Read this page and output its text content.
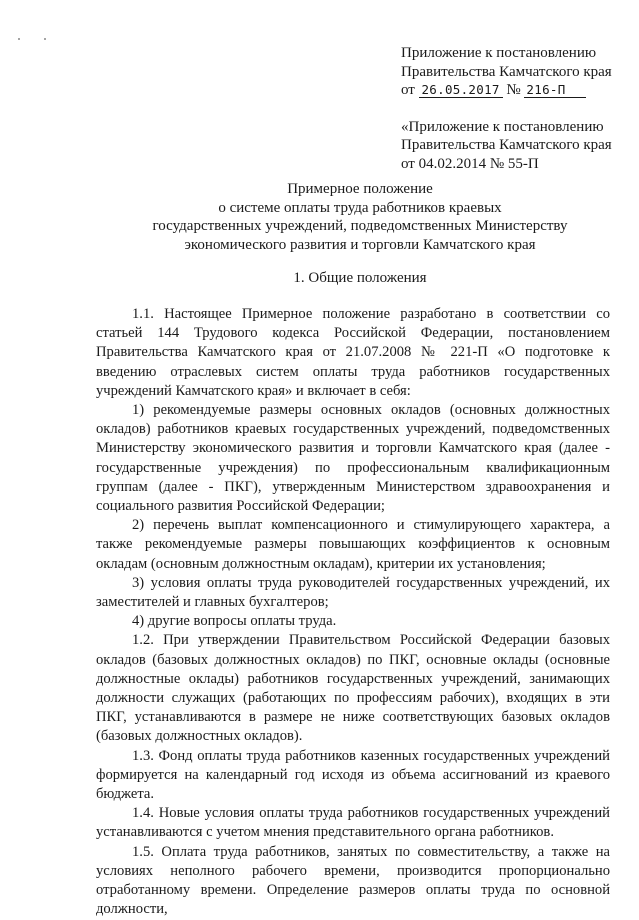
Приложение к постановлению
Правительства Камчатского края
от 26.05.2017 № 216-П
«Приложение к постановлению
Правительства Камчатского края
от 04.02.2014 № 55-П
Примерное положение
о системе оплаты труда работников краевых
государственных учреждений, подведомственных Министерству
экономического развития и торговли Камчатского края
1. Общие положения

1.1. Настоящее Примерное положение разработано в соответствии со статьей 144 Трудового кодекса Российской Федерации, постановлением Правительства Камчатского края от 21.07.2008 № 221-П «О подготовке к введению отраслевых систем оплаты труда работников государственных учреждений Камчатского края» и включает в себя:

1) рекомендуемые размеры основных окладов (основных должностных окладов) работников краевых государственных учреждений, подведомственных Министерству экономического развития и торговли Камчатского края (далее - государственные учреждения) по профессиональным квалификационным группам (далее - ПКГ), утвержденным Министерством здравоохранения и социального развития Российской Федерации;

2) перечень выплат компенсационного и стимулирующего характера, а также рекомендуемые размеры повышающих коэффициентов к основным окладам (основным должностным окладам), критерии их установления;

3) условия оплаты труда руководителей государственных учреждений, их заместителей и главных бухгалтеров;

4) другие вопросы оплаты труда.

1.2. При утверждении Правительством Российской Федерации базовых окладов (базовых должностных окладов) по ПКГ, основные оклады (основные должностные оклады) работников государственных учреждений, занимающих должности служащих (работающих по профессиям рабочих), входящих в эти ПКГ, устанавливаются в размере не ниже соответствующих базовых окладов (базовых должностных окладов).

1.3. Фонд оплаты труда работников казенных государственных учреждений формируется на календарный год исходя из объема ассигнований из краевого бюджета.

1.4. Новые условия оплаты труда работников государственных учреждений устанавливаются с учетом мнения представительного органа работников.

1.5. Оплата труда работников, занятых по совместительству, а также на условиях неполного рабочего времени, производится пропорционально отработанному времени. Определение размеров оплаты труда по основной должности,
